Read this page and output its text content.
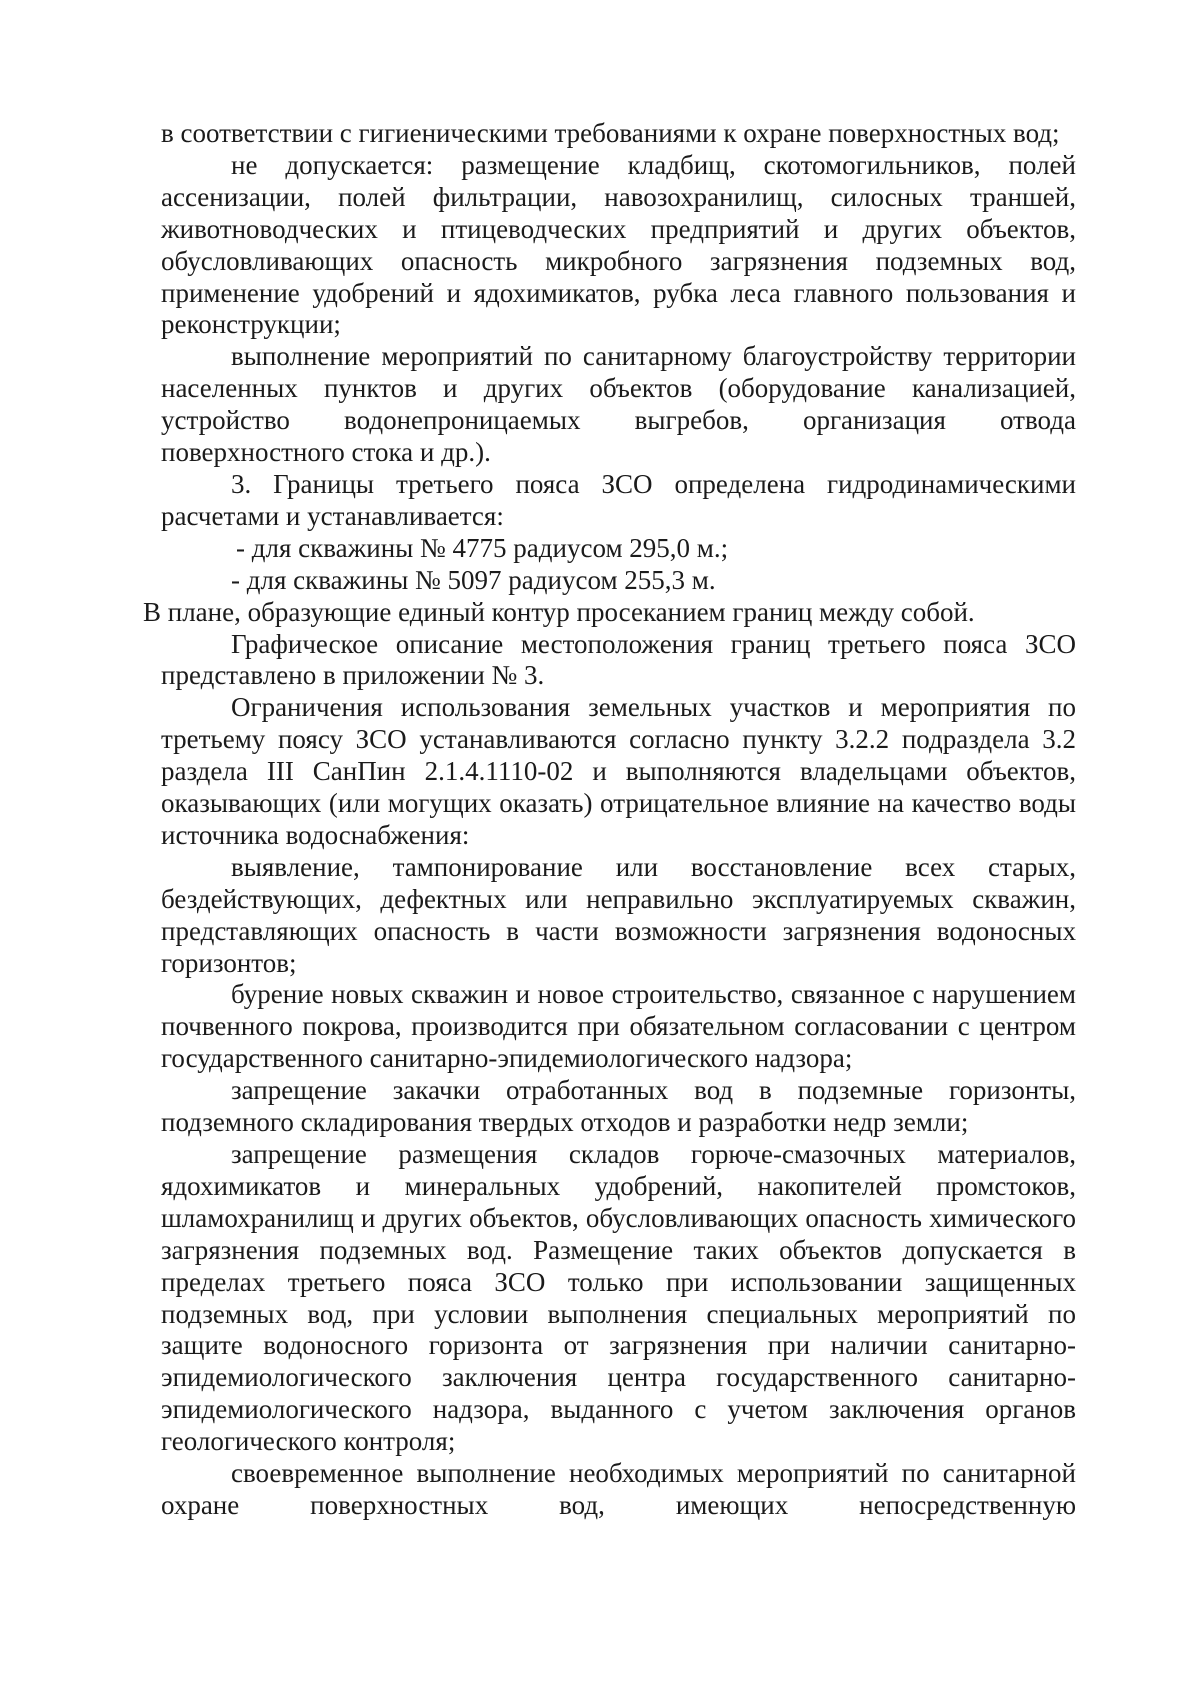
в соответствии с гигиеническими требованиями к охране поверхностных вод;

не допускается: размещение кладбищ, скотомогильников, полей ассенизации, полей фильтрации, навозохранилищ, силосных траншей, животноводческих и птицеводческих предприятий и других объектов, обусловливающих опасность микробного загрязнения подземных вод, применение удобрений и ядохимикатов, рубка леса главного пользования и реконструкции;

выполнение мероприятий по санитарному благоустройству территории населенных пунктов и других объектов (оборудование канализацией, устройство водонепроницаемых выгребов, организация отвода поверхностного стока и др.).

3. Границы третьего пояса ЗСО определена гидродинамическими расчетами и устанавливается:

- для скважины № 4775 радиусом 295,0 м.;

- для скважины № 5097 радиусом 255,3 м.

В плане, образующие единый контур просеканием границ между собой.

Графическое описание местоположения границ третьего пояса ЗСО представлено в приложении № 3.

Ограничения использования земельных участков и мероприятия по третьему поясу ЗСО устанавливаются согласно пункту 3.2.2 подраздела 3.2 раздела III СанПин 2.1.4.1110-02 и выполняются владельцами объектов, оказывающих (или могущих оказать) отрицательное влияние на качество воды источника водоснабжения:

выявление, тампонирование или восстановление всех старых, бездействующих, дефектных или неправильно эксплуатируемых скважин, представляющих опасность в части возможности загрязнения водоносных горизонтов;

бурение новых скважин и новое строительство, связанное с нарушением почвенного покрова, производится при обязательном согласовании с центром государственного санитарно-эпидемиологического надзора;

запрещение закачки отработанных вод в подземные горизонты, подземного складирования твердых отходов и разработки недр земли;

запрещение размещения складов горюче-смазочных материалов, ядохимикатов и минеральных удобрений, накопителей промстоков, шламохранилищ и других объектов, обусловливающих опасность химического загрязнения подземных вод. Размещение таких объектов допускается в пределах третьего пояса ЗСО только при использовании защищенных подземных вод, при условии выполнения специальных мероприятий по защите водоносного горизонта от загрязнения при наличии санитарно-эпидемиологического заключения центра государственного санитарно-эпидемиологического надзора, выданного с учетом заключения органов геологического контроля;

своевременное выполнение необходимых мероприятий по санитарной охране поверхностных вод, имеющих непосредственную
